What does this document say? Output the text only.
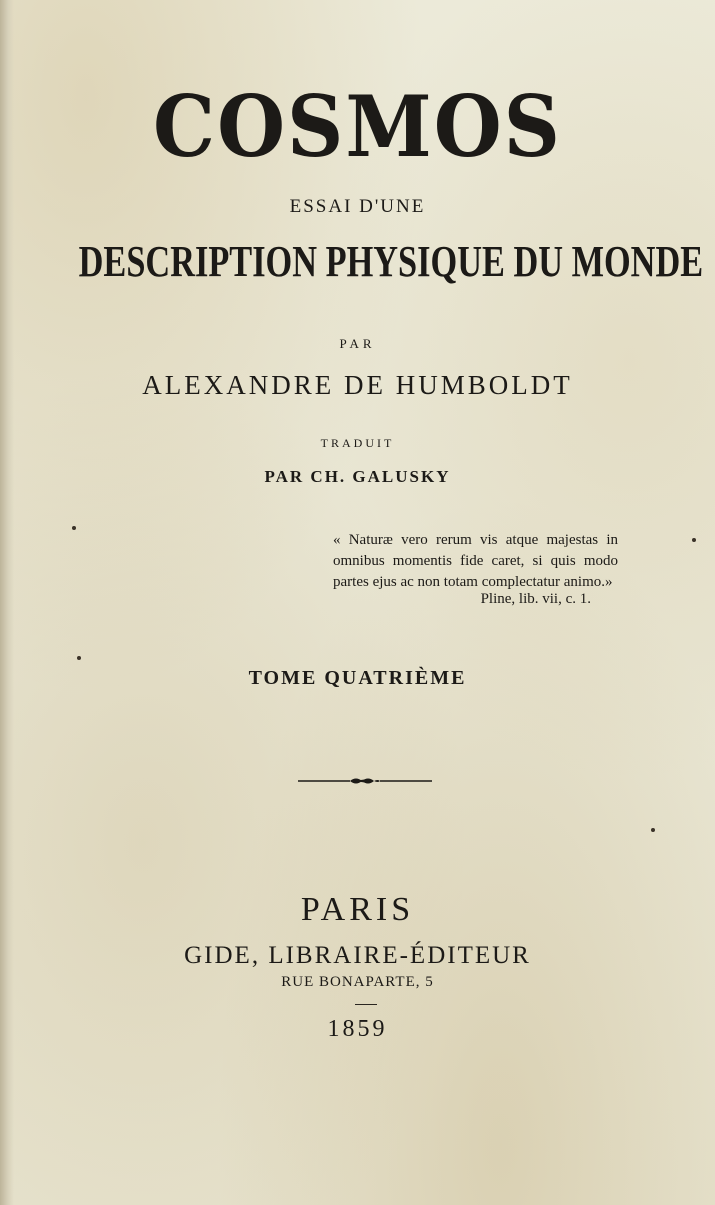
COSMOS
ESSAI D'UNE
DESCRIPTION PHYSIQUE DU MONDE
PAR
ALEXANDRE DE HUMBOLDT
TRADUIT
PAR CH. GALUSKY
« Naturæ vero rerum vis atque majestas in omnibus momentis fide caret, si quis modo partes ejus ac non totam complectatur animo.»
Pline, lib. vii, c. 1.
TOME QUATRIÈME
PARIS
GIDE, LIBRAIRE-ÉDITEUR
RUE BONAPARTE, 5
1859
